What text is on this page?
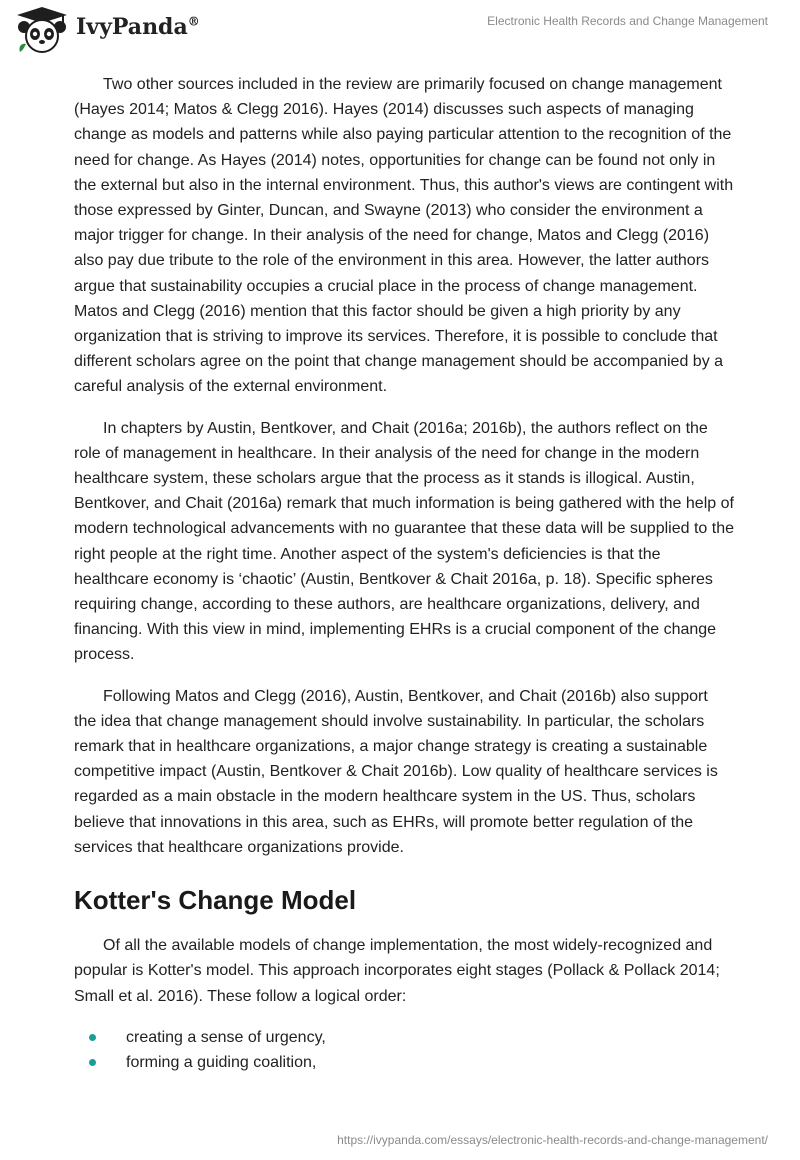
IvyPanda®	Electronic Health Records and Change Management

Two other sources included in the review are primarily focused on change management (Hayes 2014; Matos & Clegg 2016). Hayes (2014) discusses such aspects of managing change as models and patterns while also paying particular attention to the recognition of the need for change. As Hayes (2014) notes, opportunities for change can be found not only in the external but also in the internal environment. Thus, this author's views are contingent with those expressed by Ginter, Duncan, and Swayne (2013) who consider the environment a major trigger for change. In their analysis of the need for change, Matos and Clegg (2016) also pay due tribute to the role of the environment in this area. However, the latter authors argue that sustainability occupies a crucial place in the process of change management. Matos and Clegg (2016) mention that this factor should be given a high priority by any organization that is striving to improve its services. Therefore, it is possible to conclude that different scholars agree on the point that change management should be accompanied by a careful analysis of the external environment.

In chapters by Austin, Bentkover, and Chait (2016a; 2016b), the authors reflect on the role of management in healthcare. In their analysis of the need for change in the modern healthcare system, these scholars argue that the process as it stands is illogical. Austin, Bentkover, and Chait (2016a) remark that much information is being gathered with the help of modern technological advancements with no guarantee that these data will be supplied to the right people at the right time. Another aspect of the system's deficiencies is that the healthcare economy is ‘chaotic’ (Austin, Bentkover & Chait 2016a, p. 18). Specific spheres requiring change, according to these authors, are healthcare organizations, delivery, and financing. With this view in mind, implementing EHRs is a crucial component of the change process.

Following Matos and Clegg (2016), Austin, Bentkover, and Chait (2016b) also support the idea that change management should involve sustainability. In particular, the scholars remark that in healthcare organizations, a major change strategy is creating a sustainable competitive impact (Austin, Bentkover & Chait 2016b). Low quality of healthcare services is regarded as a main obstacle in the modern healthcare system in the US. Thus, scholars believe that innovations in this area, such as EHRs, will promote better regulation of the services that healthcare organizations provide.

Kotter's Change Model

Of all the available models of change implementation, the most widely-recognized and popular is Kotter's model. This approach incorporates eight stages (Pollack & Pollack 2014; Small et al. 2016). These follow a logical order:

creating a sense of urgency,
forming a guiding coalition,
https://ivypanda.com/essays/electronic-health-records-and-change-management/
